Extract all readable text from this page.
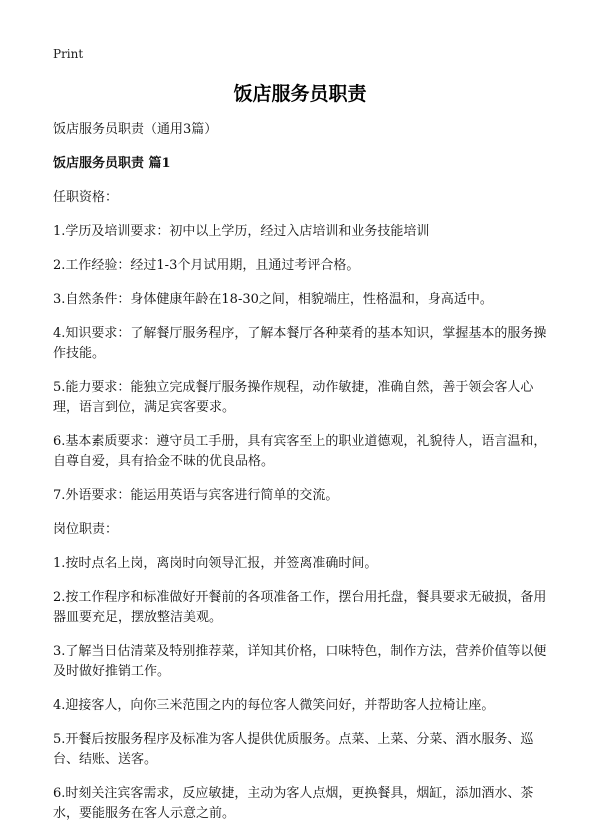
Print
饭店服务员职责

饭店服务员职责（通用3篇）

饭店服务员职责 篇1

任职资格：

1.学历及培训要求：初中以上学历，经过入店培训和业务技能培训

2.工作经验：经过1-3个月试用期，且通过考评合格。

3.自然条件：身体健康年龄在18-30之间，相貌端庄，性格温和，身高适中。

4.知识要求：了解餐厅服务程序，了解本餐厅各种菜肴的基本知识，掌握基本的服务操作技能。

5.能力要求：能独立完成餐厅服务操作规程，动作敏捷，准确自然，善于领会客人心理，语言到位，满足宾客要求。

6.基本素质要求：遵守员工手册，具有宾客至上的职业道德观，礼貌待人，语言温和，自尊自爱，具有拾金不昧的优良品格。

7.外语要求：能运用英语与宾客进行简单的交流。

岗位职责：

1.按时点名上岗，离岗时向领导汇报，并签离准确时间。

2.按工作程序和标准做好开餐前的各项准备工作，摆台用托盘，餐具要求无破损，备用器皿要充足，摆放整洁美观。

3.了解当日估清菜及特别推荐菜，详知其价格，口味特色，制作方法，营养价值等以便及时做好推销工作。

4.迎接客人，向你三米范围之内的每位客人微笑问好，并帮助客人拉椅让座。

5.开餐后按服务程序及标准为客人提供优质服务。点菜、上菜、分菜、酒水服务、巡台、结账、送客。

6.时刻关注宾客需求，反应敏捷，主动为客人点烟，更换餐具，烟缸，添加酒水、茶水，要能服务在客人示意之前。
